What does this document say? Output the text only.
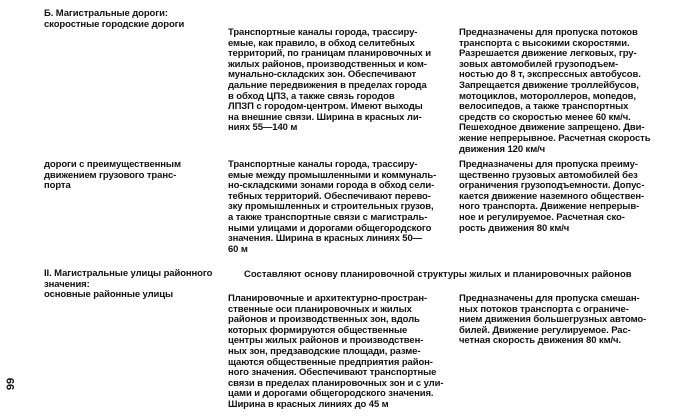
Б. Магистральные дороги:
скоростные городские дороги
Транспортные каналы города, трассиру-
емые, как правило, в обход селитебных
территорий, по границам планировочных и
жилых районов, производственных и ком-
мунально-складских зон. Обеспечивают
дальние передвижения в пределах города
в обход ЦПЗ, а также связь городов
ЛПЗП с городом-центром. Имеют выходы
на внешние связи. Ширина в красных ли-
ниях 55—140 м
Предназначены для пропуска потоков
транспорта с высокими скоростями.
Разрешается движение легковых, гру-
зовых автомобилей грузоподъем-
ностью до 8 т, экспрессных автобусов.
Запрещается движение троллейбусов,
мотоциклов, мотороллеров, мопедов,
велосипедов, а также транспортных
средств со скоростью менее 60 км/ч.
Пешеходное движение запрещено. Дви-
жение непрерывное. Расчетная скорость
движения 120 км/ч
дороги с преимущественным
движением грузового транс-
порта
Транспортные каналы города, трассиру-
емые между промышленными и коммуналь-
но-складскими зонами города в обход сели-
тебных территорий. Обеспечивают перево-
зку промышленных и строительных грузов,
а также транспортные связи с магистраль-
ными улицами и дорогами общегородского
значения. Ширина в красных линиях 50—
60 м
Предназначены для пропуска преиму-
щественно грузовых автомобилей без
ограничения грузоподъемности. Допус-
кается движение наземного обществен-
ного транспорта. Движение непрерыв-
ное и регулируемое. Расчетная ско-
рость движения 80 км/ч
II. Магистральные улицы районного
значения:
основные районные улицы
Составляют основу планировочной структуры жилых и планировочных районов
Планировочные и архитектурно-простран-
ственные оси планировочных и жилых
районов и производственных зон, вдоль
которых формируются общественные
центры жилых районов и производствен-
ных зон, предзаводские площади, разме-
щаются общественные предприятия район-
ного значения. Обеспечивают транспортные
связи в пределах планировочных зон и с ули-
цами и дорогами общегородского значения.
Ширина в красных линиях до 45 м
Предназначены для пропуска смешан-
ных потоков транспорта с ограниче-
нием движения большегрузных автомо-
билей. Движение регулируемое. Рас-
четная скорость движения 80 км/ч.
99
